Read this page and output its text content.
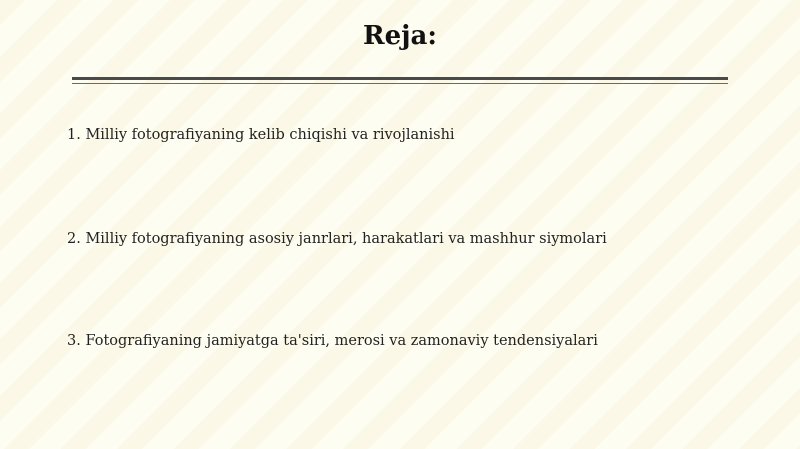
Reja:
1. Milliy fotografiyaning kelib chiqishi va rivojlanishi
2. Milliy fotografiyaning asosiy janrlari, harakatlari va mashhur siymolari
3. Fotografiyaning jamiyatga ta'siri, merosi va zamonaviy tendensiyalari
